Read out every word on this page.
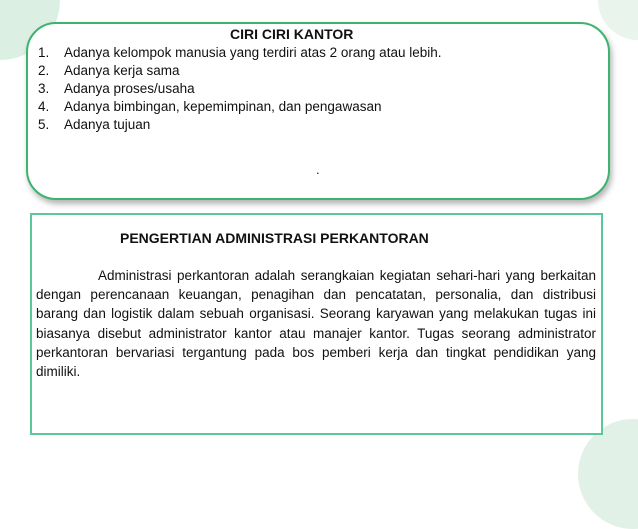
CIRI CIRI KANTOR
1. Adanya kelompok manusia yang terdiri atas 2 orang atau lebih.
2. Adanya kerja sama
3. Adanya proses/usaha
4. Adanya bimbingan, kepemimpinan, dan pengawasan
5. Adanya tujuan
.
PENGERTIAN ADMINISTRASI PERKANTORAN

Administrasi perkantoran adalah serangkaian kegiatan sehari-hari yang berkaitan dengan perencanaan keuangan, penagihan dan pencatatan, personalia, dan distribusi barang dan logistik dalam sebuah organisasi. Seorang karyawan yang melakukan tugas ini biasanya disebut administrator kantor atau manajer kantor. Tugas seorang administrator perkantoran bervariasi tergantung pada bos pemberi kerja dan tingkat pendidikan yang dimiliki.
